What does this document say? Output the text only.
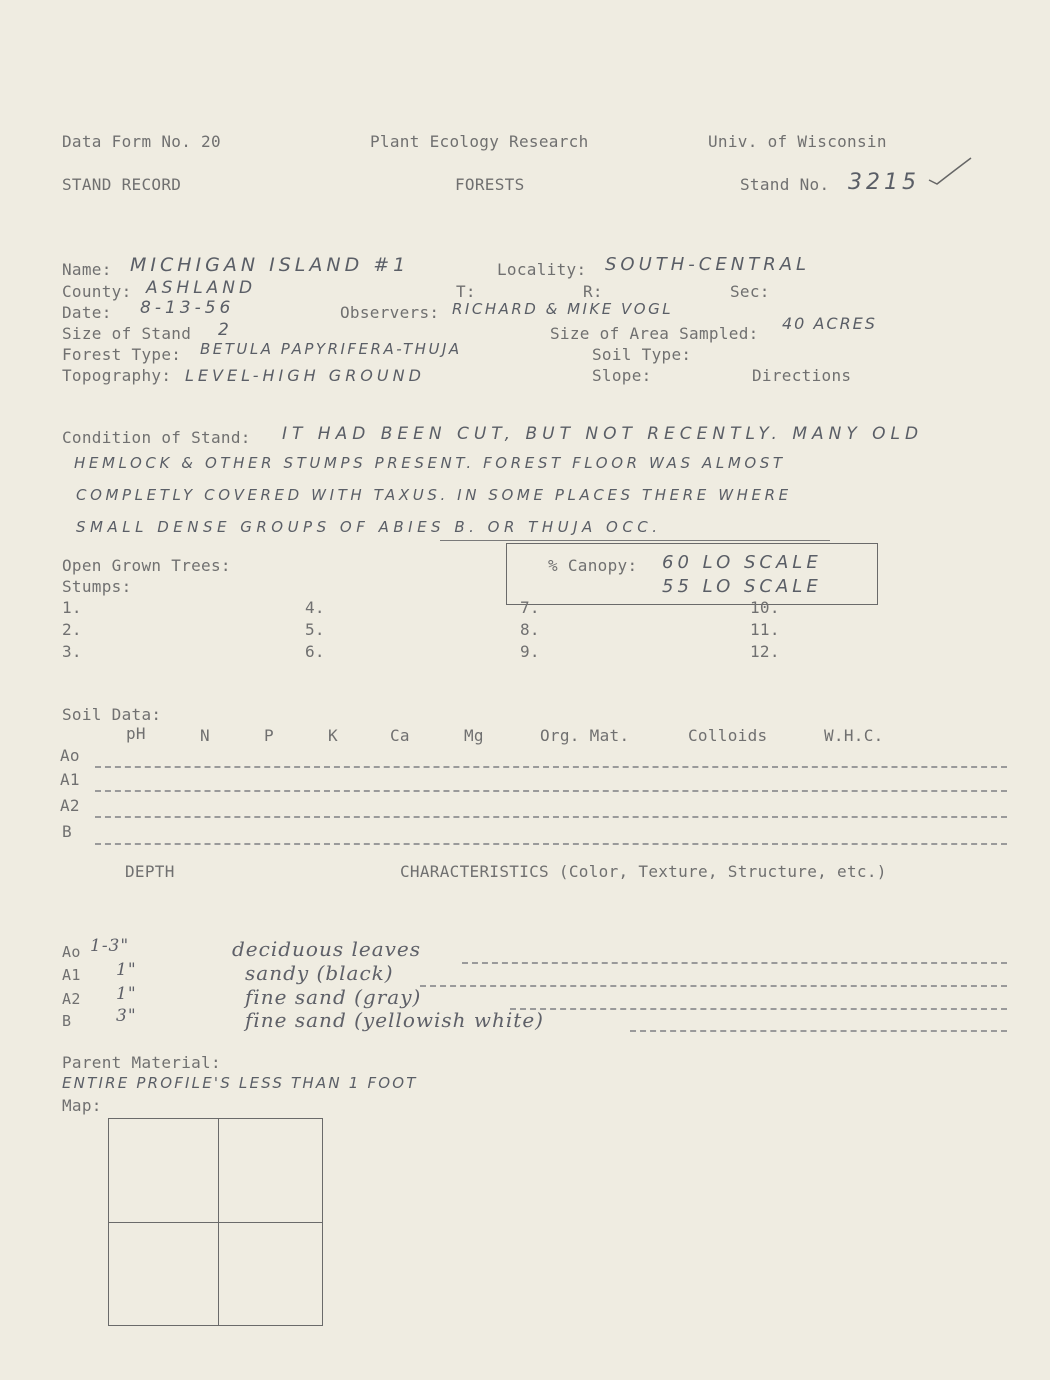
Data Form No. 20	Plant Ecology Research	Univ. of Wisconsin
STAND RECORD	FORESTS	Stand No. 3215
Name: MICHIGAN ISLAND #1	Locality: SOUTH-CENTRAL
County: ASHLAND	T:	R:	Sec:
Date: 8-13-56	Observers: RICHARD & MIKE VOGL
Size of Stand 2	Size of Area Sampled:
40 ACRES
Forest Type: BETULA PAPYRIFERA-THUJA	Soil Type:
Topography: LEVEL-HIGH GROUND	Slope:	Directions
Condition of Stand: IT HAD BEEN CUT, BUT NOT RECENTLY. MANY OLD
HEMLOCK & OTHER STUMPS PRESENT. FOREST FLOOR WAS ALMOST
COMPLETLY COVERED WITH TAXUS. IN SOME PLACES THERE WHERE
SMALL DENSE GROUPS OF ABIES B. OR THUJA OCC.
Open Grown Trees:
Stumps:
% Canopy: 60 LO SCALE
55 LO SCALE
1.
2.
3.
4.
5.
6.
7.
8.
9.
10.
11.
12.
Soil Data:
pH	N	P	K	Ca	Mg	Org. Mat.	Colloids	W.H.C.
Ao
A1
A2
B
DEPTH	CHARACTERISTICS (Color, Texture, Structure, etc.)
Ao 1-3"	deciduous leaves
A1 1"	sandy (black)
A2 1"	fine sand (gray)
B	3"	fine sand (yellowish white)
Parent Material:
ENTIRE PROFILE'S LESS THAN 1 FOOT
Map:
